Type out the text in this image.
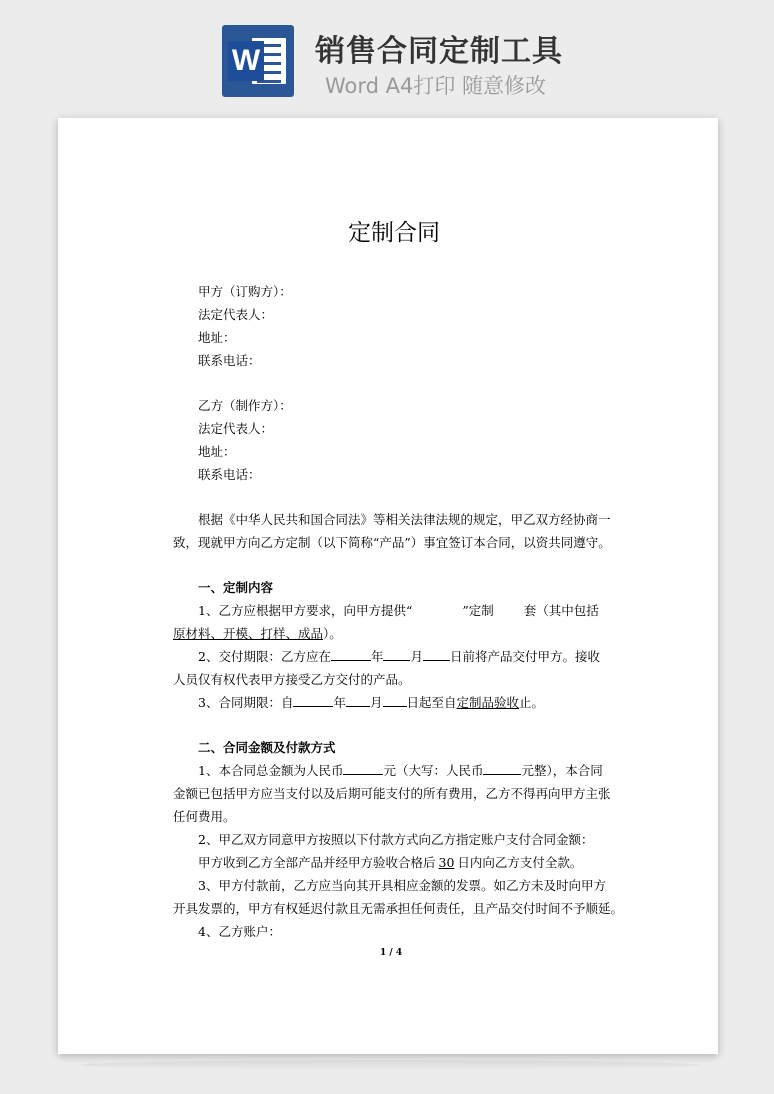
W 销售合同定制工具
Word A4打印 随意修改

定制合同

甲方（订购方）：

法定代表人：

地址：

联系电话：

乙方（制作方）：

法定代表人：

地址：

联系电话：

根据《中华人民共和国合同法》等相关法律法规的规定，甲乙双方经协商一

致，现就甲方向乙方定制（以下简称“产品”）事宜签订本合同，以资共同遵守。

一、定制内容

1、乙方应根据甲方要求，向甲方提供“	”定制 套（其中包括

原材料、开模、打样、成品）。

2、交付期限：乙方应在	年 月 日前将产品交付甲方。接收

人员仅有权代表甲方接受乙方交付的产品。

3、合同期限：自	年 月 日起至自定制品验收止。

二、合同金额及付款方式

1、本合同总金额为人民币	元（大写：人民币	元整），本合同

金额已包括甲方应当支付以及后期可能支付的所有费用，乙方不得再向甲方主张

任何费用。

2、甲乙双方同意甲方按照以下付款方式向乙方指定账户支付合同金额：

甲方收到乙方全部产品并经甲方验收合格后 30 日内向乙方支付全款。

3、甲方付款前，乙方应当向其开具相应金额的发票。如乙方未及时向甲方

开具发票的，甲方有权延迟付款且无需承担任何责任，且产品交付时间不予顺延。

4、乙方账户：

1 / 4
